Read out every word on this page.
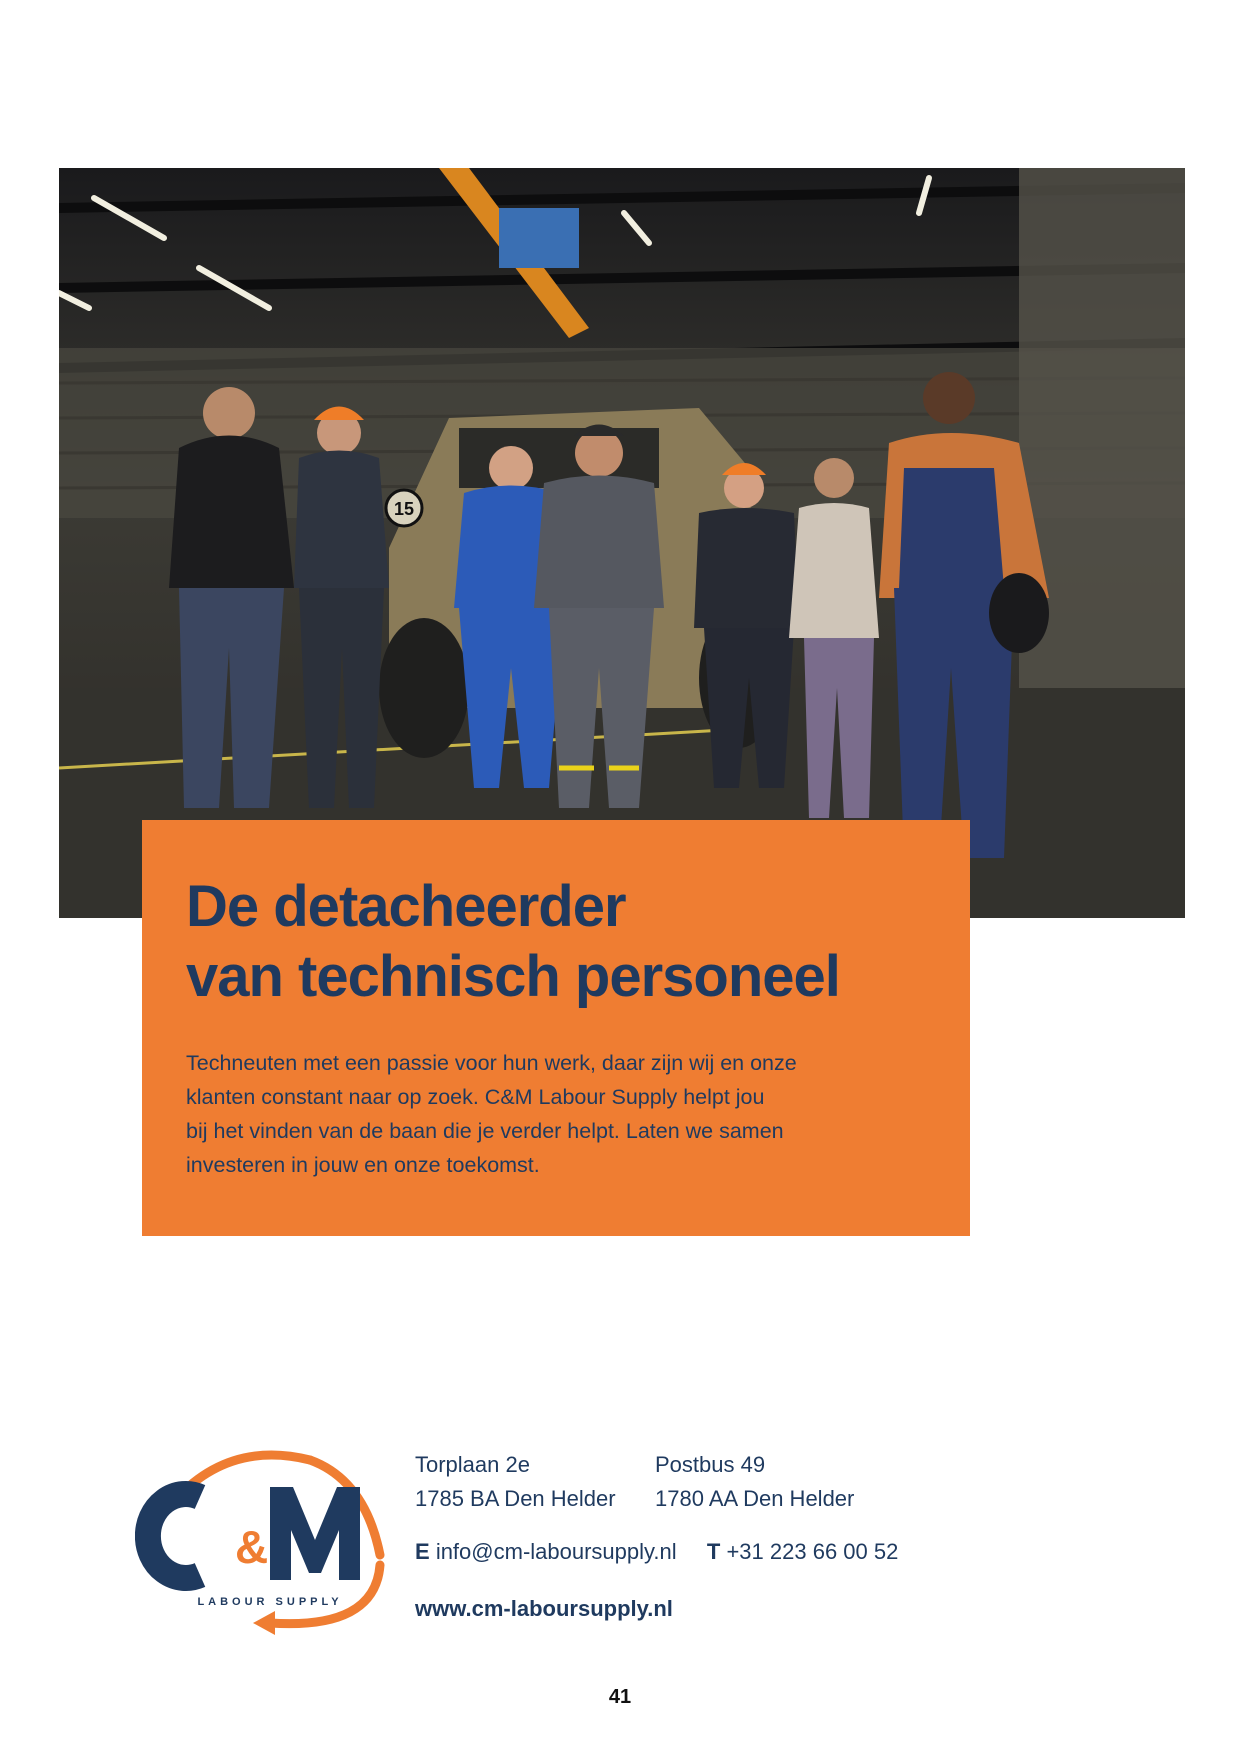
15
De detacheerder
van technisch personeel

Techneuten met een passie voor hun werk, daar zijn wij en onze
klanten constant naar op zoek. C&M Labour Supply helpt jou
bij het vinden van de baan die je verder helpt. Laten we samen
investeren in jouw en onze toekomst.

&
LABOUR SUPPLY
Torplaan 2e
1785 BA Den Helder
Postbus 49
1780 AA Den Helder
E info@cm-laboursupply.nl T +31 223 66 00 52
www.cm-laboursupply.nl
41
